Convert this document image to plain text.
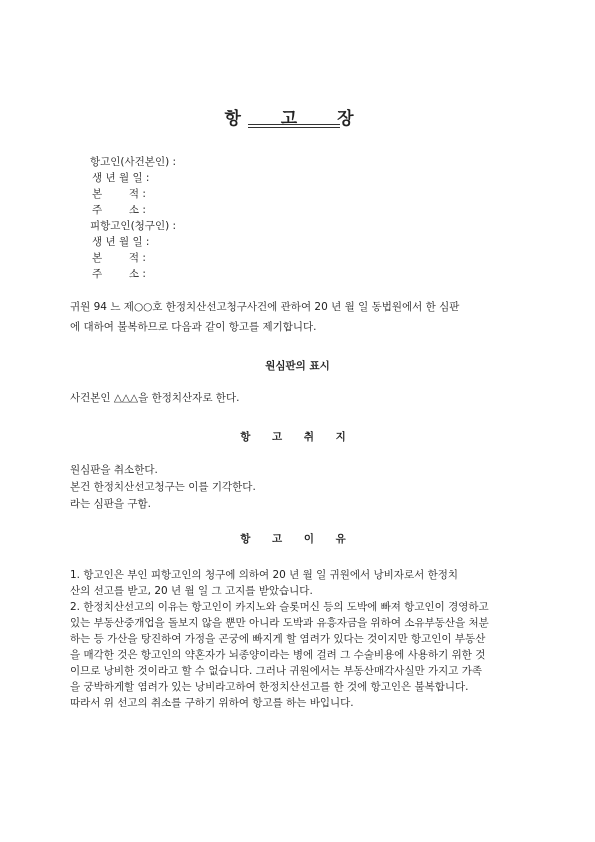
항 고 장
항고인(사건본인) :
생 년 월 일 :
본        적 :
주        소 :
피항고인(청구인) :
생 년 월 일 :
본        적 :
주        소 :
귀원 94 느 제○○호 한정치산선고청구사건에 관하여 20 년 월 일 동법원에서 한 심판
에 대하여 불복하므로 다음과 같이 항고를 제기합니다.
원심판의 표시
사건본인 △△△을 한정치산자로 한다.
항 고 취 지
원심판을 취소한다.
본건 한정치산선고청구는 이를 기각한다.
라는 심판을 구함.
항 고 이 유
1. 항고인은 부인 피항고인의 청구에 의하여 20 년 월 일 귀원에서 낭비자로서 한정치
산의 선고를 받고, 20 년 월 일 그 고지를 받았습니다.
2. 한정치산선고의 이유는 항고인이 카지노와 슬롯머신 등의 도박에 빠져 항고인이 경영하고
있는 부동산중개업을 돌보지 않을 뿐만 아니라 도박과 유흥자금을 위하여 소유부동산을 처분
하는 등 가산을 탕진하여 가정을 곤궁에 빠지게 할 염려가 있다는 것이지만 항고인이 부동산
을 매각한 것은 항고인의 약혼자가 뇌종양이라는 병에 걸려 그 수술비용에 사용하기 위한 것
이므로 낭비한 것이라고 할 수 없습니다. 그러나 귀원에서는 부동산매각사실만 가지고 가족
을 궁박하게할 염려가 있는 낭비라고하여 한정치산선고를 한 것에 항고인은 불복합니다.
따라서 위 선고의 취소를 구하기 위하여 항고를 하는 바입니다.
